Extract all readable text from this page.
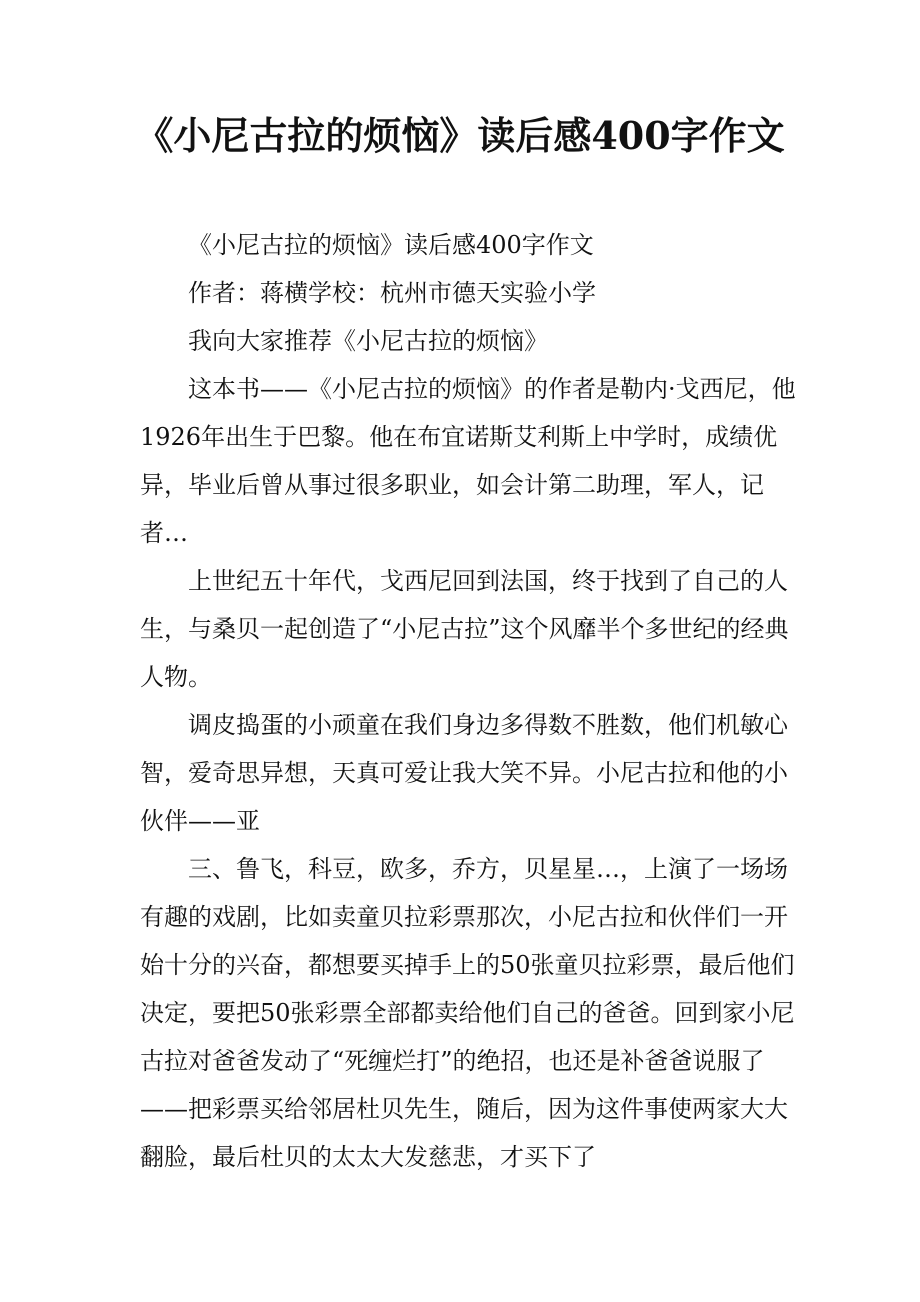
《小尼古拉的烦恼》读后感400字作文

《小尼古拉的烦恼》读后感400字作文

作者：蒋横学校：杭州市德天实验小学

我向大家推荐《小尼古拉的烦恼》

这本书——《小尼古拉的烦恼》的作者是勒内·戈西尼，他1926年出生于巴黎。他在布宜诺斯艾利斯上中学时，成绩优异，毕业后曾从事过很多职业，如会计第二助理，军人，记者…

上世纪五十年代，戈西尼回到法国，终于找到了自己的人生，与桑贝一起创造了“小尼古拉”这个风靡半个多世纪的经典人物。

调皮捣蛋的小顽童在我们身边多得数不胜数，他们机敏心智，爱奇思异想，天真可爱让我大笑不异。小尼古拉和他的小伙伴——亚

三、鲁飞，科豆，欧多，乔方，贝星星…，上演了一场场有趣的戏剧，比如卖童贝拉彩票那次，小尼古拉和伙伴们一开始十分的兴奋，都想要买掉手上的50张童贝拉彩票，最后他们决定，要把50张彩票全部都卖给他们自己的爸爸。回到家小尼古拉对爸爸发动了“死缠烂打”的绝招，也还是补爸爸说服了——把彩票买给邻居杜贝先生，随后，因为这件事使两家大大翻脸，最后杜贝的太太大发慈悲，才买下了
